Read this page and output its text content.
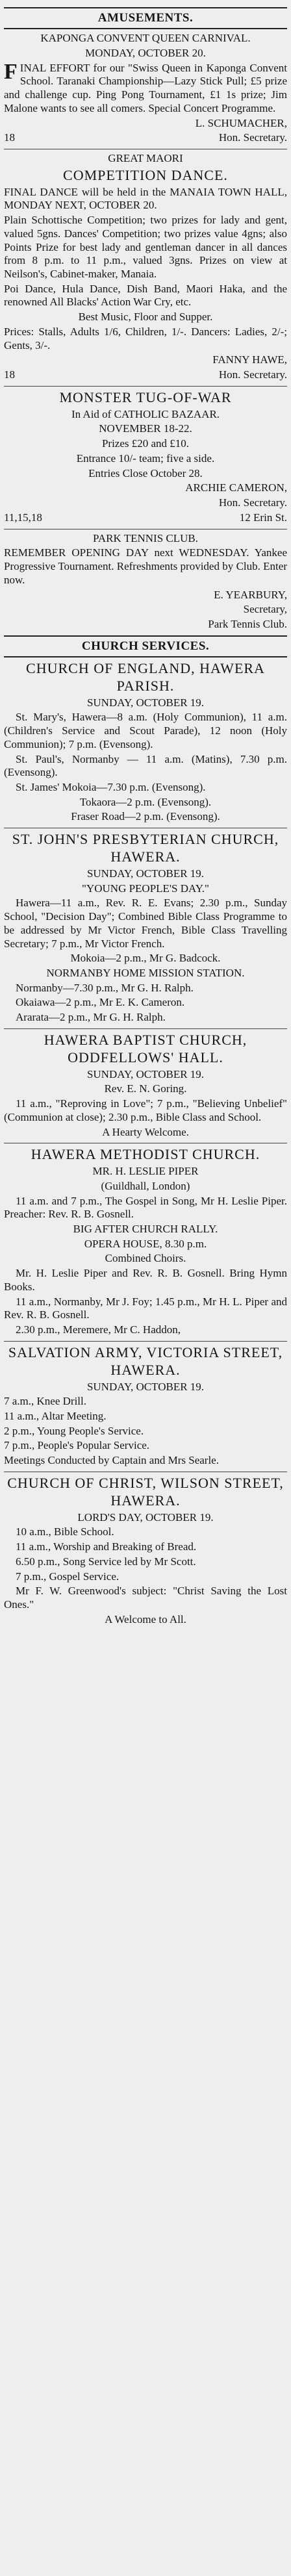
AMUSEMENTS.

KAPONGA CONVENT QUEEN CARNIVAL.

MONDAY, OCTOBER 20.

FINAL EFFORT for our "Swiss Queen in Kaponga Convent School. Taranaki Championship—Lazy Stick Pull; £5 prize and challenge cup. Ping Pong Tournament, £1 1s prize; Jim Malone wants to see all comers. Special Concert Programme.

L. SCHUMACHER,

18	Hon. Secretary.

GREAT MAORI

COMPETITION DANCE.

FINAL DANCE will be held in the MANAIA TOWN HALL, MONDAY NEXT, OCTOBER 20.

Plain Schottische Competition; two prizes for lady and gent, valued 5gns. Dances' Competition; two prizes value 4gns; also Points Prize for best lady and gentleman dancer in all dances from 8 p.m. to 11 p.m., valued 3gns. Prizes on view at Neilson's, Cabinet-maker, Manaia.

Poi Dance, Hula Dance, Dish Band, Maori Haka, and the renowned All Blacks' Action War Cry, etc.

Best Music, Floor and Supper.

Prices: Stalls, Adults 1/6, Children, 1/-. Dancers: Ladies, 2/-; Gents, 3/-.

FANNY HAWE,

18	Hon. Secretary.

MONSTER TUG-OF-WAR

In Aid of CATHOLIC BAZAAR.

NOVEMBER 18-22.

Prizes £20 and £10.

Entrance 10/- team; five a side.

Entries Close October 28.

ARCHIE CAMERON,

Hon. Secretary.

11,15,18	12 Erin St.

PARK TENNIS CLUB.

REMEMBER OPENING DAY next WEDNESDAY. Yankee Progressive Tournament. Refreshments provided by Club. Enter now.

E. YEARBURY,

Secretary,

Park Tennis Club.

CHURCH SERVICES.

CHURCH OF ENGLAND, HAWERA PARISH.

SUNDAY, OCTOBER 19.

St. Mary's, Hawera—8 a.m. (Holy Communion), 11 a.m. (Children's Service and Scout Parade), 12 noon (Holy Communion); 7 p.m. (Evensong).

St. Paul's, Normanby — 11 a.m. (Matins), 7.30 p.m. (Evensong).

St. James' Mokoia—7.30 p.m. (Evensong).

Tokaora—2 p.m. (Evensong).

Fraser Road—2 p.m. (Evensong).

ST. JOHN'S PRESBYTERIAN CHURCH, HAWERA.

SUNDAY, OCTOBER 19.

"YOUNG PEOPLE'S DAY."

Hawera—11 a.m., Rev. R. E. Evans; 2.30 p.m., Sunday School, "Decision Day"; Combined Bible Class Programme to be addressed by Mr Victor French, Bible Class Travelling Secretary; 7 p.m., Mr Victor French.

Mokoia—2 p.m., Mr G. Badcock.

NORMANBY HOME MISSION STATION.

Normanby—7.30 p.m., Mr G. H. Ralph.

Okaiawa—2 p.m., Mr E. K. Cameron.

Ararata—2 p.m., Mr G. H. Ralph.

HAWERA BAPTIST CHURCH, ODDFELLOWS' HALL.

SUNDAY, OCTOBER 19.

Rev. E. N. Goring.

11 a.m., "Reproving in Love"; 7 p.m., "Believing Unbelief" (Communion at close); 2.30 p.m., Bible Class and School.

A Hearty Welcome.

HAWERA METHODIST CHURCH.

MR. H. LESLIE PIPER

(Guildhall, London)

11 a.m. and 7 p.m., The Gospel in Song, Mr H. Leslie Piper. Preacher: Rev. R. B. Gosnell.

BIG AFTER CHURCH RALLY.

OPERA HOUSE, 8.30 p.m.

Combined Choirs.

Mr. H. Leslie Piper and Rev. R. B. Gosnell. Bring Hymn Books.

11 a.m., Normanby, Mr J. Foy; 1.45 p.m., Mr H. L. Piper and Rev. R. B. Gosnell.

2.30 p.m., Meremere, Mr C. Haddon,

SALVATION ARMY, VICTORIA STREET, HAWERA.

SUNDAY, OCTOBER 19.

7 a.m., Knee Drill.

11 a.m., Altar Meeting.

2 p.m., Young People's Service.

7 p.m., People's Popular Service.

Meetings Conducted by Captain and Mrs Searle.

CHURCH OF CHRIST, WILSON STREET, HAWERA.

LORD'S DAY, OCTOBER 19.

10 a.m., Bible School.

11 a.m., Worship and Breaking of Bread.

6.50 p.m., Song Service led by Mr Scott.

7 p.m., Gospel Service.

Mr F. W. Greenwood's subject: "Christ Saving the Lost Ones."

A Welcome to All.
